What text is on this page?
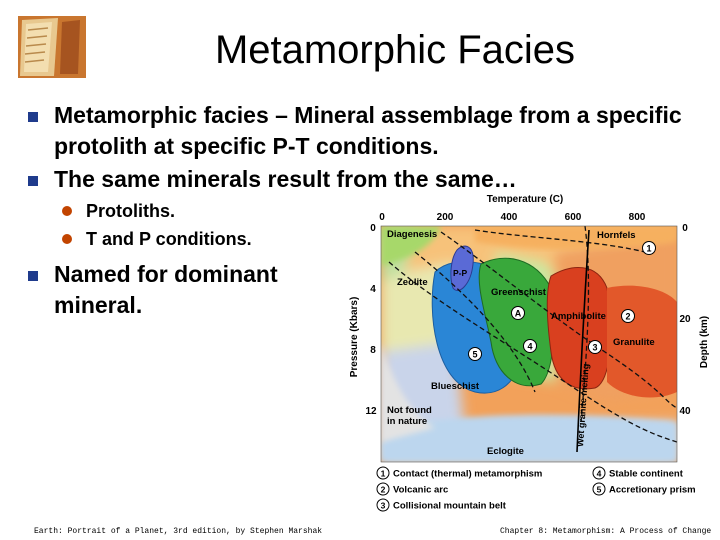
Metamorphic Facies
Metamorphic facies – Mineral assemblage from a specific protolith at specific P-T conditions.
The same minerals result from the same…
Protoliths.
T and P conditions.
Named for dominant mineral.
Temperature (C)
0	200	400	600	800
Pressure (Kbars)
0
4
8
12
Depth (km)
0
20
40
Diagenesis	Hornfels
Zeolite
P-P
Greenschist
Amphibolite
Granulite
Blueschist
Not found
in nature
Eclogite
Wet granite melting
1
2
3
4
5
A
1 Contact (thermal) metamorphism
2 Volcanic arc
3 Collisional mountain belt
4 Stable continent
5 Accretionary prism
Earth: Portrait of a Planet, 3rd edition, by Stephen Marshak	Chapter 8: Metamorphism: A Process of Change
